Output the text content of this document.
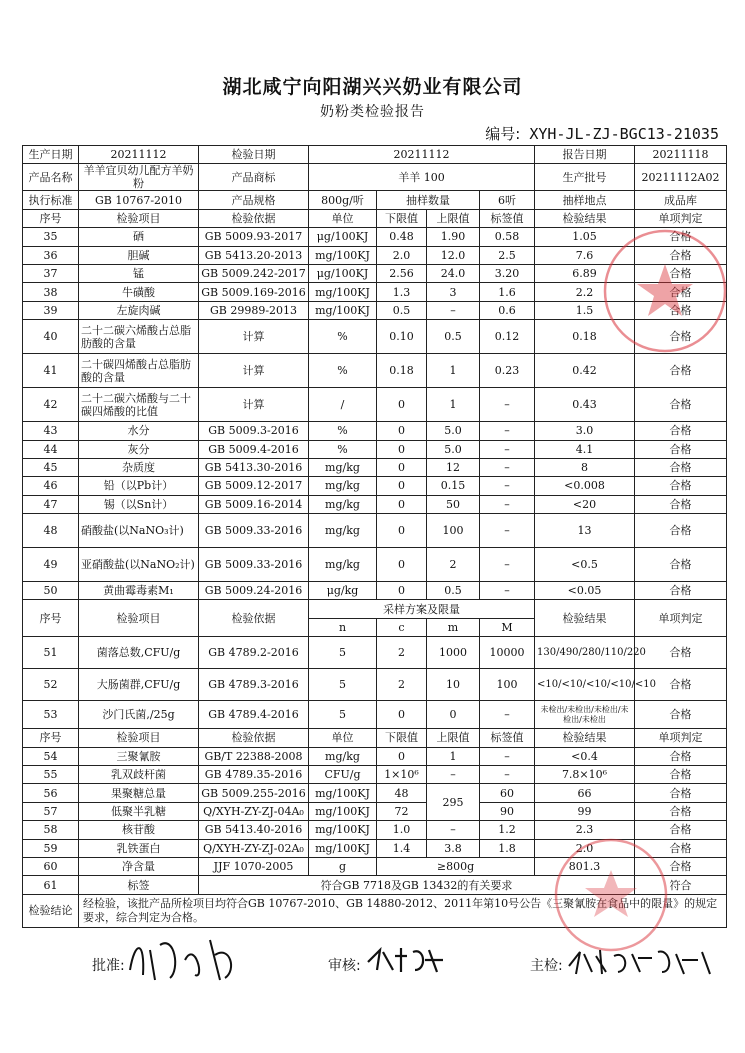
湖北咸宁向阳湖兴兴奶业有限公司
奶粉类检验报告
编号: XYH-JL-ZJ-BGC13-21035
生产日期	20211112	检验日期	20211112				报告日期	20211118
产品名称	羊羊宜贝幼儿配方羊奶粉	产品商标	羊羊 100				生产批号	20211112A02
执行标准	GB 10767-2010	产品规格	800g/听	抽样数量		6听	抽样地点	成品库
序号	检验项目	检验依据	单位	下限值	上限值	标签值	检验结果	单项判定
35	硒	GB 5009.93-2017	μg/100KJ	0.48	1.90	0.58	1.05	合格
36	胆碱	GB 5413.20-2013	mg/100KJ	2.0	12.0	2.5	7.6	合格
37	锰	GB 5009.242-2017	μg/100KJ	2.56	24.0	3.20	6.89	合格
38	牛磺酸	GB 5009.169-2016	mg/100KJ	1.3	3	1.6	2.2	合格
39	左旋肉碱	GB 29989-2013	mg/100KJ	0.5	–	0.6	1.5	合格
40	二十二碳六烯酸占总脂肪酸的含量	计算	%	0.10	0.5	0.12	0.18	合格
41	二十碳四烯酸占总脂肪酸的含量	计算	%	0.18	1	0.23	0.42	合格
42	二十二碳六烯酸与二十碳四烯酸的比值	计算	/	0	1	–	0.43	合格
43	水分	GB 5009.3-2016	%	0	5.0	–	3.0	合格
44	灰分	GB 5009.4-2016	%	0	5.0	–	4.1	合格
45	杂质度	GB 5413.30-2016	mg/kg	0	12	–	8	合格
46	铅（以Pb计）	GB 5009.12-2017	mg/kg	0	0.15	–	<0.008	合格
47	锡（以Sn计）	GB 5009.16-2014	mg/kg	0	50	–	<20	合格
48	硝酸盐(以NaNO₃计)	GB 5009.33-2016	mg/kg	0	100	–	13	合格
49	亚硝酸盐(以NaNO₂计)	GB 5009.33-2016	mg/kg	0	2	–	<0.5	合格
50	黄曲霉毒素M₁	GB 5009.24-2016	μg/kg	0	0.5	–	<0.05	合格
序号	检验项目	检验依据	采样方案及限量				检验结果	单项判定
			n	c	m	M		
51	菌落总数,CFU/g	GB 4789.2-2016	5	2	1000	10000	130/490/280/110/220	合格
52	大肠菌群,CFU/g	GB 4789.3-2016	5	2	10	100	<10/<10/<10/<10/<10	合格
53	沙门氏菌,/25g	GB 4789.4-2016	5	0	0	–	未检出/未检出/未检出/未检出/未检出	合格
序号	检验项目	检验依据	单位	下限值	上限值	标签值	检验结果	单项判定
54	三聚氰胺	GB/T 22388-2008	mg/kg	0	1	–	<0.4	合格
55	乳双歧杆菌	GB 4789.35-2016	CFU/g	1×10⁶	–	–	7.8×10⁶	合格
56	果聚糖总量	GB 5009.255-2016	mg/100KJ	48	295	60	66	合格
57	低聚半乳糖	Q/XYH-ZY-ZJ-04A₀	mg/100KJ	72		90	99	合格
58	核苷酸	GB 5413.40-2016	mg/100KJ	1.0	–	1.2	2.3	合格
59	乳铁蛋白	Q/XYH-ZY-ZJ-02A₀	mg/100KJ	1.4	3.8	1.8	2.0	合格
60	净含量	JJF 1070-2005	g	≥800g			801.3	合格
61	标签	符合GB 7718及GB 13432的有关要求						符合
检验结论	经检验，该批产品所检项目均符合GB 10767-2010、GB 14880-2012、2011年第10号公告《三聚氰胺在食品中的限量》的规定要求，综合判定为合格。							
批准:	审核:	主检:
